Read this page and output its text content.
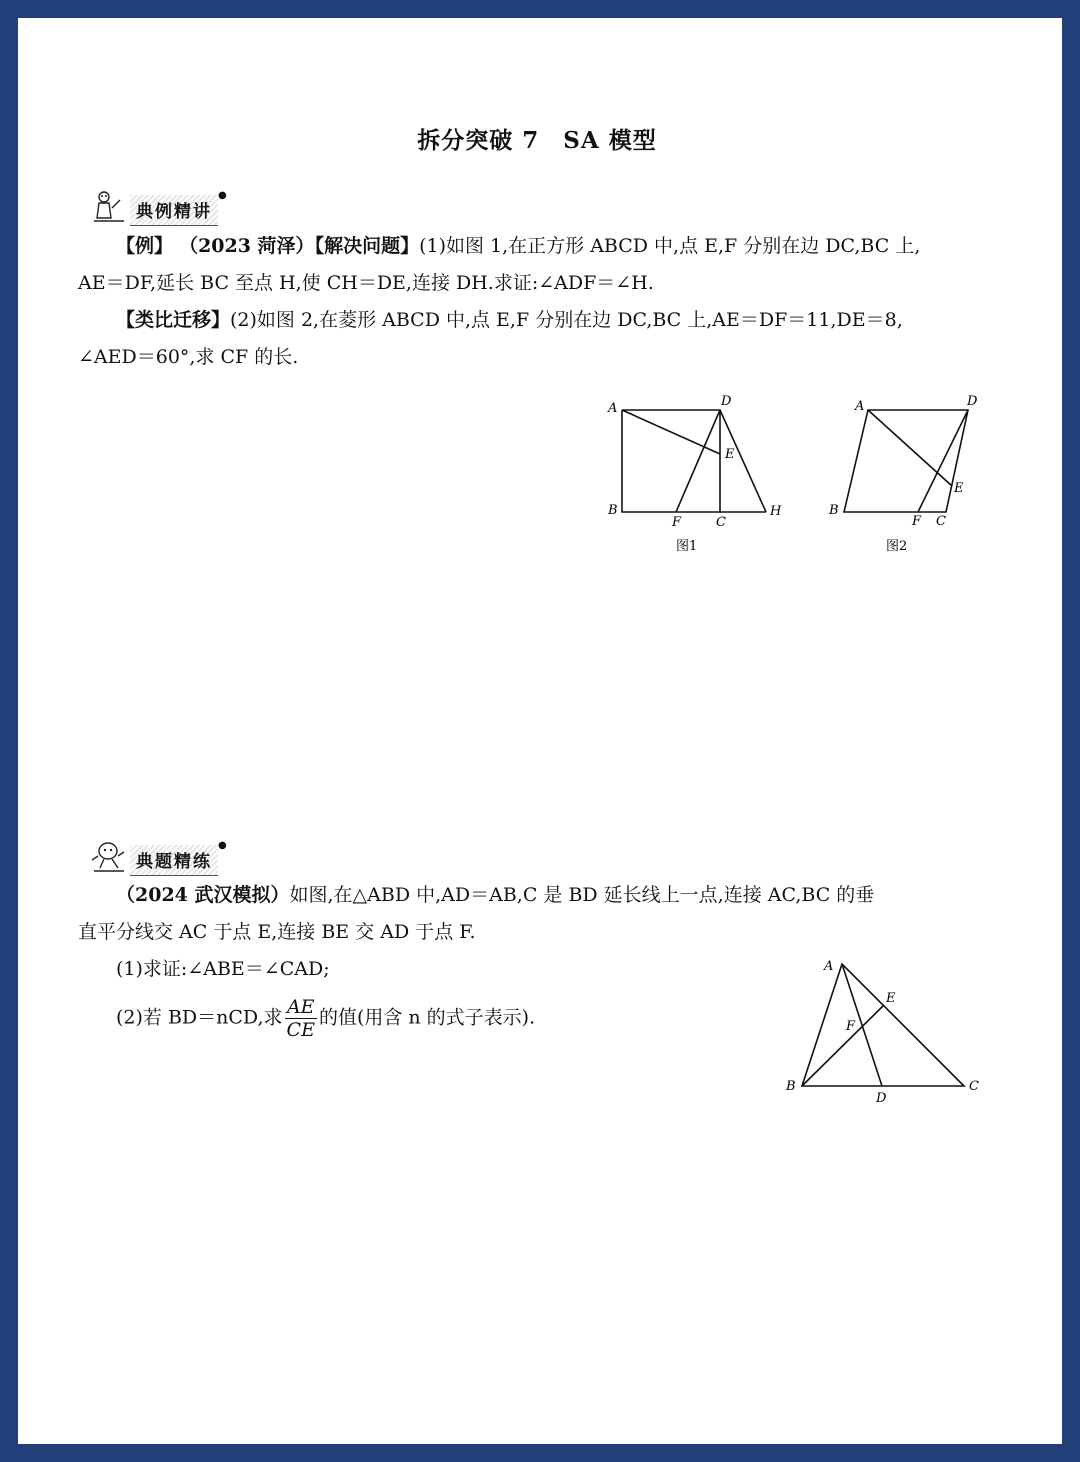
拆分突破 7　SA 模型
典例精讲
●
【例】 （2023 菏泽）【解决问题】(1)如图 1,在正方形 ABCD 中,点 E,F 分别在边 DC,BC 上,
AE＝DF,延长 BC 至点 H,使 CH＝DE,连接 DH.求证:∠ADF＝∠H.
【类比迁移】(2)如图 2,在菱形 ABCD 中,点 E,F 分别在边 DC,BC 上,AE＝DF＝11,DE＝8,
∠AED＝60°,求 CF 的长.
A	D
E
B
F	C
H
图1
A	D
E
B
F C
图2
典题精练
●
（2024 武汉模拟）如图,在△ABD 中,AD＝AB,C 是 BD 延长线上一点,连接 AC,BC 的垂
直平分线交 AC 于点 E,连接 BE 交 AD 于点 F.
(1)求证:∠ABE＝∠CAD;
(2)若 BD＝nCD,求 $\frac{AE}{CE}$ 的值(用含 n 的式子表示).
A
E
F
B
D
C
